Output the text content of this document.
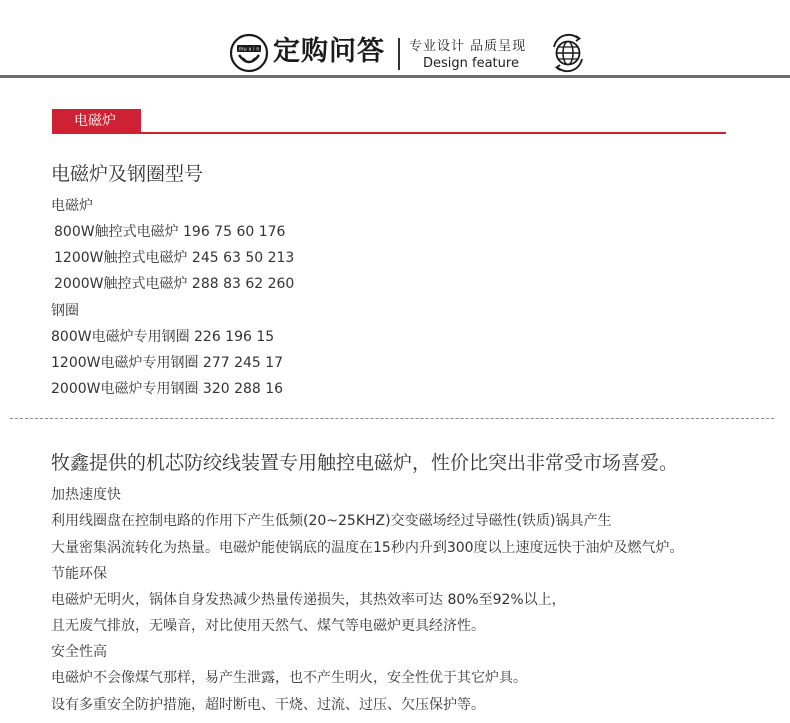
mu x i n 定购问答 专业设计 品质呈现
Design feature
电磁炉
电磁炉及钢圈型号
电磁炉
800W触控式电磁炉 196 75 60 176
1200W触控式电磁炉 245 63 50 213
2000W触控式电磁炉 288 83 62 260
钢圈
800W电磁炉专用钢圈 226 196 15
1200W电磁炉专用钢圈 277 245 17
2000W电磁炉专用钢圈 320 288 16
牧鑫提供的机芯防绞线装置专用触控电磁炉，性价比突出非常受市场喜爱。
加热速度快
利用线圈盘在控制电路的作用下产生低频(20~25KHZ)交变磁场经过导磁性(铁质)锅具产生
大量密集涡流转化为热量。电磁炉能使锅底的温度在15秒内升到300度以上速度远快于油炉及燃气炉。
节能环保
电磁炉无明火，锅体自身发热减少热量传递损失，其热效率可达 80%至92%以上，
且无废气排放，无噪音，对比使用天然气、煤气等电磁炉更具经济性。
安全性高
电磁炉不会像煤气那样，易产生泄露，也不产生明火，安全性优于其它炉具。
设有多重安全防护措施，超时断电、干烧、过流、过压、欠压保护等。
